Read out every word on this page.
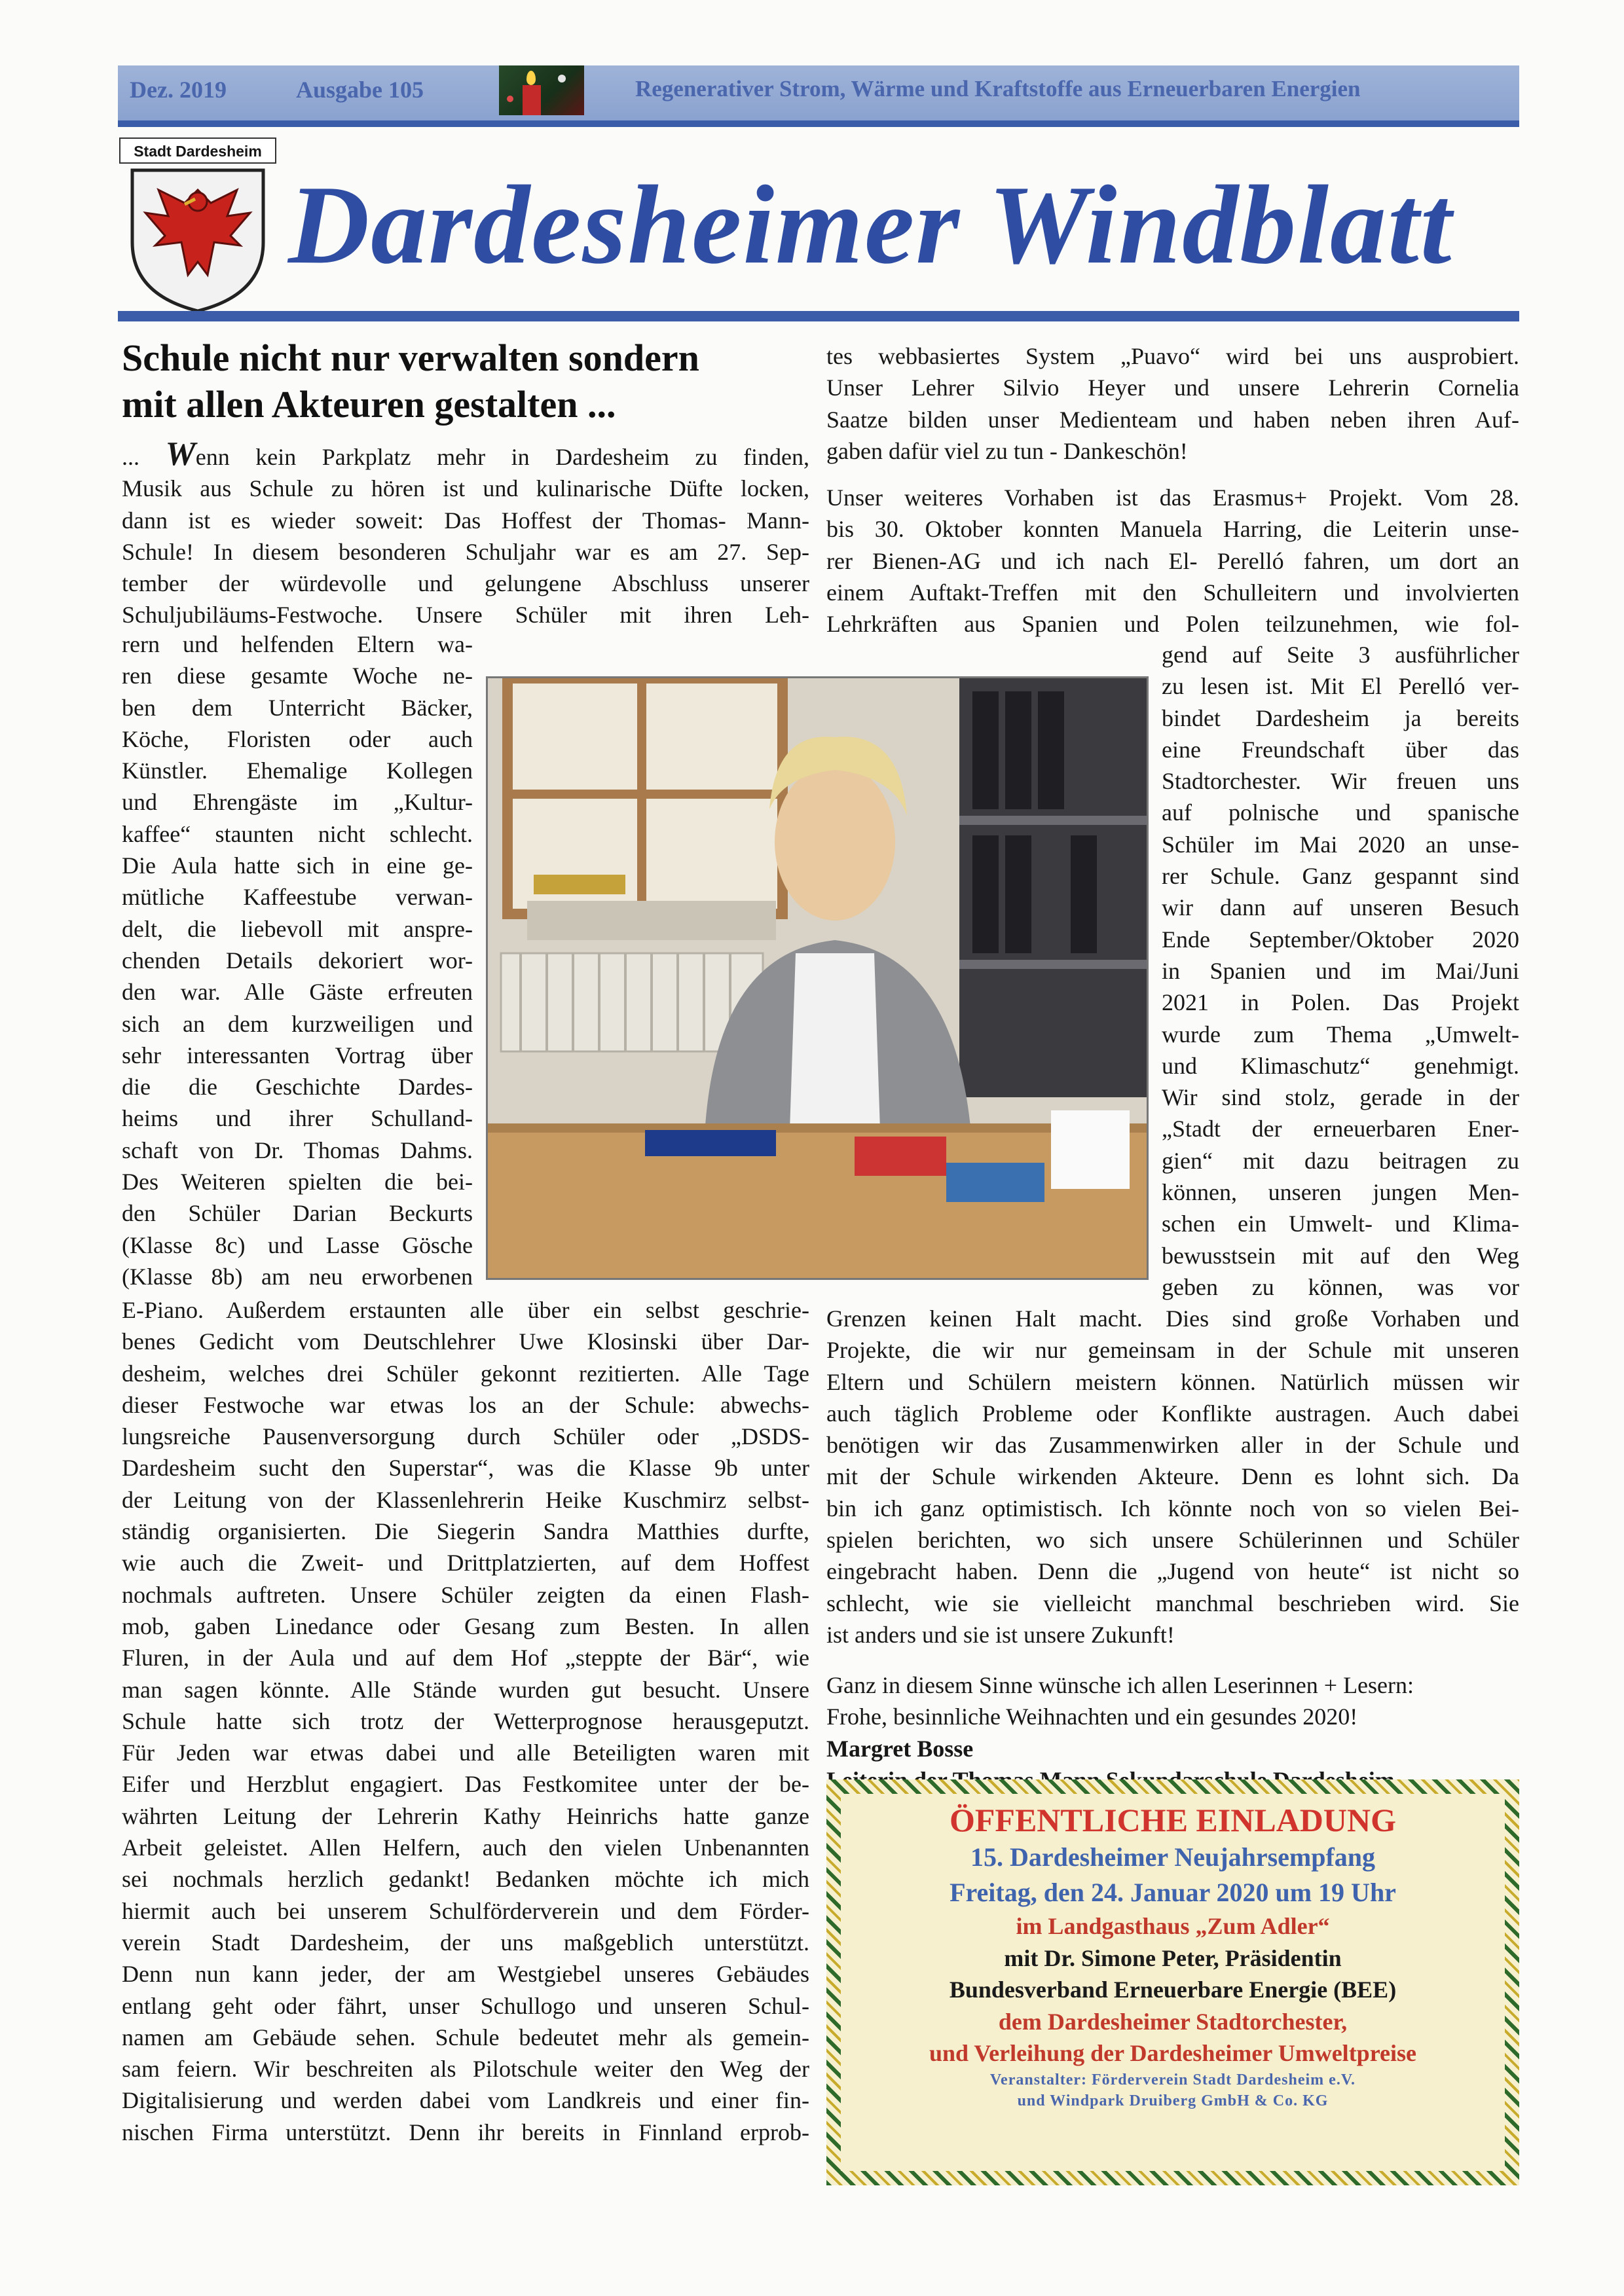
Dez. 2019	Ausgabe 105	Regenerativer Strom, Wärme und Kraftstoffe aus Erneuerbaren Energien
Stadt Dardesheim
Dardesheimer Windblatt
Schule nicht nur verwalten sondern
mit allen Akteuren gestalten ...
... Wenn kein Parkplatz mehr in Dardesheim zu finden,
Musik aus Schule zu hören ist und kulinarische Düfte locken,
dann ist es wieder soweit: Das Hoffest der Thomas- Mann-
Schule! In diesem besonderen Schuljahr war es am 27. Sep-
tember der würdevolle und gelungene Abschluss unserer
Schuljubiläums-Festwoche. Unsere Schüler mit ihren Leh-
rern und helfenden Eltern wa-
ren diese gesamte Woche ne-
ben dem Unterricht Bäcker,
Köche, Floristen oder auch
Künstler. Ehemalige Kollegen
und Ehrengäste im „Kultur-
kaffee“ staunten nicht schlecht.
Die Aula hatte sich in eine ge-
mütliche Kaffeestube verwan-
delt, die liebevoll mit anspre-
chenden Details dekoriert wor-
den war. Alle Gäste erfreuten
sich an dem kurzweiligen und
sehr interessanten Vortrag über
die die Geschichte Dardes-
heims und ihrer Schulland-
schaft von Dr. Thomas Dahms.
Des Weiteren spielten die bei-
den Schüler Darian Beckurts
(Klasse 8c) und Lasse Gösche
(Klasse 8b) am neu erworbenen
E-Piano. Außerdem erstaunten alle über ein selbst geschrie-
benes Gedicht vom Deutschlehrer Uwe Klosinski über Dar-
desheim, welches drei Schüler gekonnt rezitierten. Alle Tage
dieser Festwoche war etwas los an der Schule: abwechs-
lungsreiche Pausenversorgung durch Schüler oder „DSDS-
Dardesheim sucht den Superstar“, was die Klasse 9b unter
der Leitung von der Klassenlehrerin Heike Kuschmirz selbst-
ständig organisierten. Die Siegerin Sandra Matthies durfte,
wie auch die Zweit- und Drittplatzierten, auf dem Hoffest
nochmals auftreten. Unsere Schüler zeigten da einen Flash-
mob, gaben Linedance oder Gesang zum Besten. In allen
Fluren, in der Aula und auf dem Hof „steppte der Bär“, wie
man sagen könnte. Alle Stände wurden gut besucht. Unsere
Schule hatte sich trotz der Wetterprognose herausgeputzt.
Für Jeden war etwas dabei und alle Beteiligten waren mit
Eifer und Herzblut engagiert. Das Festkomitee unter der be-
währten Leitung der Lehrerin Kathy Heinrichs hatte ganze
Arbeit geleistet. Allen Helfern, auch den vielen Unbenannten
sei nochmals herzlich gedankt! Bedanken möchte ich mich
hiermit auch bei unserem Schulförderverein und dem Förder-
verein Stadt Dardesheim, der uns maßgeblich unterstützt.
Denn nun kann jeder, der am Westgiebel unseres Gebäudes
entlang geht oder fährt, unser Schullogo und unseren Schul-
namen am Gebäude sehen. Schule bedeutet mehr als gemein-
sam feiern. Wir beschreiten als Pilotschule weiter den Weg der
Digitalisierung und werden dabei vom Landkreis und einer fin-
nischen Firma unterstützt. Denn ihr bereits in Finnland erprob-
tes webbasiertes System „Puavo“ wird bei uns ausprobiert.
Unser Lehrer Silvio Heyer und unsere Lehrerin Cornelia
Saatze bilden unser Medienteam und haben neben ihren Auf-
gaben dafür viel zu tun - Dankeschön!
Unser weiteres Vorhaben ist das Erasmus+ Projekt. Vom 28.
bis 30. Oktober konnten Manuela Harring, die Leiterin unse-
rer Bienen-AG und ich nach El- Perelló fahren, um dort an
einem Auftakt-Treffen mit den Schulleitern und involvierten
Lehrkräften aus Spanien und Polen teilzunehmen, wie fol-
gend auf Seite 3 ausführlicher
zu lesen ist. Mit El Perelló ver-
bindet Dardesheim ja bereits
eine Freundschaft über das
Stadtorchester. Wir freuen uns
auf polnische und spanische
Schüler im Mai 2020 an unse-
rer Schule. Ganz gespannt sind
wir dann auf unseren Besuch
Ende September/Oktober 2020
in Spanien und im Mai/Juni
2021 in Polen. Das Projekt
wurde zum Thema „Umwelt-
und Klimaschutz“ genehmigt.
Wir sind stolz, gerade in der
„Stadt der erneuerbaren Ener-
gien“ mit dazu beitragen zu
können, unseren jungen Men-
schen ein Umwelt- und Klima-
bewusstsein mit auf den Weg
geben zu können, was vor
Grenzen keinen Halt macht. Dies sind große Vorhaben und
Projekte, die wir nur gemeinsam in der Schule mit unseren
Eltern und Schülern meistern können. Natürlich müssen wir
auch täglich Probleme oder Konflikte austragen. Auch dabei
benötigen wir das Zusammenwirken aller in der Schule und
mit der Schule wirkenden Akteure. Denn es lohnt sich. Da
bin ich ganz optimistisch. Ich könnte noch von so vielen Bei-
spielen berichten, wo sich unsere Schülerinnen und Schüler
eingebracht haben. Denn die „Jugend von heute“ ist nicht so
schlecht, wie sie vielleicht manchmal beschrieben wird. Sie
ist anders und sie ist unsere Zukunft!
Ganz in diesem Sinne wünsche ich allen Leserinnen + Lesern:
Frohe, besinnliche Weihnachten und ein gesundes 2020!
Margret Bosse
ÖFFENTLICHE EINLADUNG
15. Dardesheimer Neujahrsempfang
Freitag, den 24. Januar 2020 um 19 Uhr
im Landgasthaus „Zum Adler“
mit Dr. Simone Peter, Präsidentin
Bundesverband Erneuerbare Energie (BEE)
dem Dardesheimer Stadtorchester,
und Verleihung der Dardesheimer Umweltpreise
Veranstalter: Förderverein Stadt Dardesheim e.V.
und Windpark Druiberg GmbH & Co. KG
